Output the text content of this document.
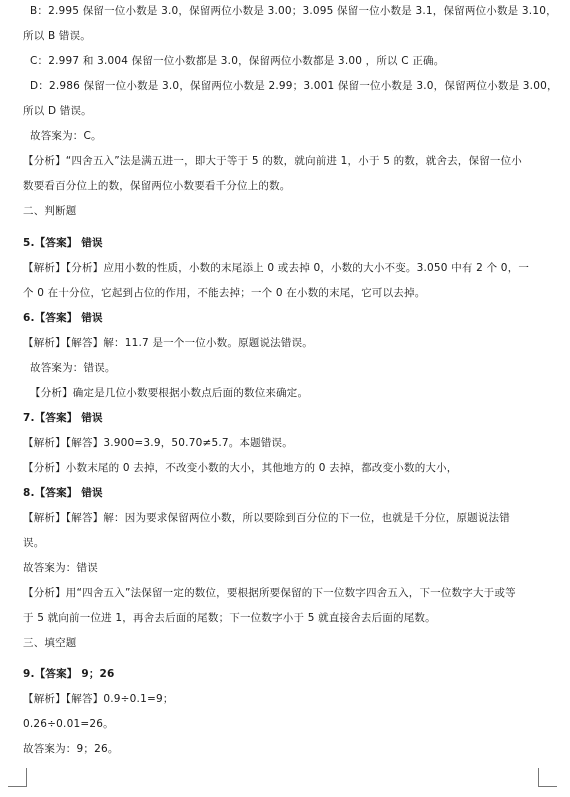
B：2.995 保留一位小数是 3.0，保留两位小数是 3.00；3.095 保留一位小数是 3.1，保留两位小数是 3.10，
所以 B 错误。
C：2.997 和 3.004 保留一位小数都是 3.0，保留两位小数都是 3.00 ，所以 C 正确。
D：2.986 保留一位小数是 3.0，保留两位小数是 2.99；3.001 保留一位小数是 3.0，保留两位小数是 3.00，
所以 D 错误。
故答案为：C。
【分析】“四舍五入”法是满五进一，即大于等于 5 的数，就向前进 1，小于 5 的数，就舍去，保留一位小
数要看百分位上的数，保留两位小数要看千分位上的数。
二、判断题
5.【答案】 错误
【解析】【分析】应用小数的性质，小数的末尾添上 0 或去掉 0，小数的大小不变。3.050 中有 2 个 0，一
个 0 在十分位，它起到占位的作用，不能去掉；一个 0 在小数的末尾，它可以去掉。
6.【答案】 错误
【解析】【解答】解：11.7 是一个一位小数。原题说法错误。
故答案为：错误。
【分析】确定是几位小数要根据小数点后面的数位来确定。
7.【答案】 错误
【解析】【解答】3.900=3.9，50.70≠5.7。本题错误。
【分析】小数末尾的 0 去掉，不改变小数的大小，其他地方的 0 去掉，都改变小数的大小，
8.【答案】 错误
【解析】【解答】解：因为要求保留两位小数，所以要除到百分位的下一位，也就是千分位，原题说法错
误。
故答案为：错误
【分析】用“四舍五入”法保留一定的数位，要根据所要保留的下一位数字四舍五入，下一位数字大于或等
于 5 就向前一位进 1，再舍去后面的尾数；下一位数字小于 5 就直接舍去后面的尾数。
三、填空题
9.【答案】 9；26
【解析】【解答】0.9÷0.1=9；
0.26÷0.01=26。
故答案为：9；26。
